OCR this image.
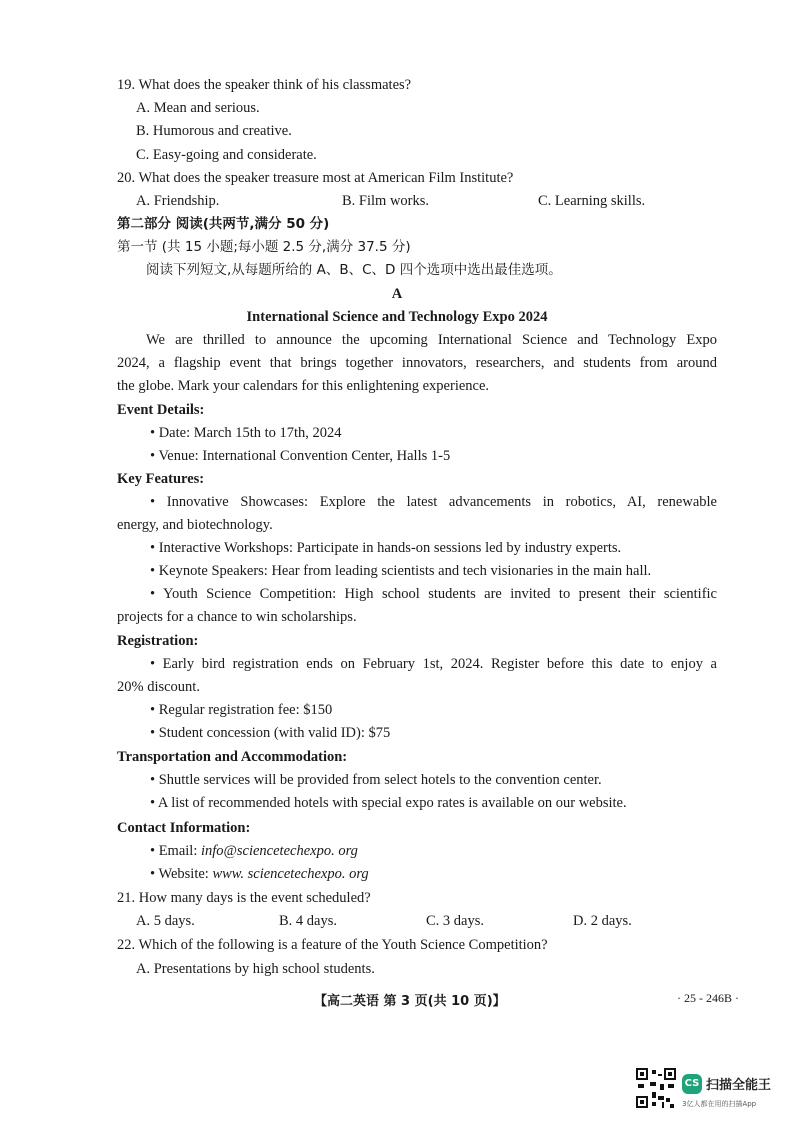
19. What does the speaker think of his classmates?
A. Mean and serious.
B. Humorous and creative.
C. Easy-going and considerate.
20. What does the speaker treasure most at American Film Institute?
A. Friendship.	B. Film works.	C. Learning skills.
第二部分 阅读(共两节,满分 50 分)
第一节 (共 15 小题;每小题 2.5 分,满分 37.5 分)
阅读下列短文,从每题所给的 A、B、C、D 四个选项中选出最佳选项。
A
International Science and Technology Expo 2024
We are thrilled to announce the upcoming International Science and Technology Expo
2024, a flagship event that brings together innovators, researchers, and students from around
the globe. Mark your calendars for this enlightening experience.
Event Details:
• Date: March 15th to 17th, 2024
• Venue: International Convention Center, Halls 1-5
Key Features:
• Innovative Showcases: Explore the latest advancements in robotics, AI, renewable
energy, and biotechnology.
• Interactive Workshops: Participate in hands-on sessions led by industry experts.
• Keynote Speakers: Hear from leading scientists and tech visionaries in the main hall.
• Youth Science Competition: High school students are invited to present their scientific
projects for a chance to win scholarships.
Registration:
• Early bird registration ends on February 1st, 2024. Register before this date to enjoy a
20% discount.
• Regular registration fee: $150
• Student concession (with valid ID): $75
Transportation and Accommodation:
• Shuttle services will be provided from select hotels to the convention center.
• A list of recommended hotels with special expo rates is available on our website.
Contact Information:
• Email: info@sciencetechexpo. org
• Website: www. sciencetechexpo. org
21. How many days is the event scheduled?
A. 5 days.	B. 4 days.	C. 3 days.	D. 2 days.
22. Which of the following is a feature of the Youth Science Competition?
A. Presentations by high school students.
【高二英语 第 3 页(共 10 页)】	· 25 - 246B ·
CS 扫描全能王
3亿人都在用的扫描App
